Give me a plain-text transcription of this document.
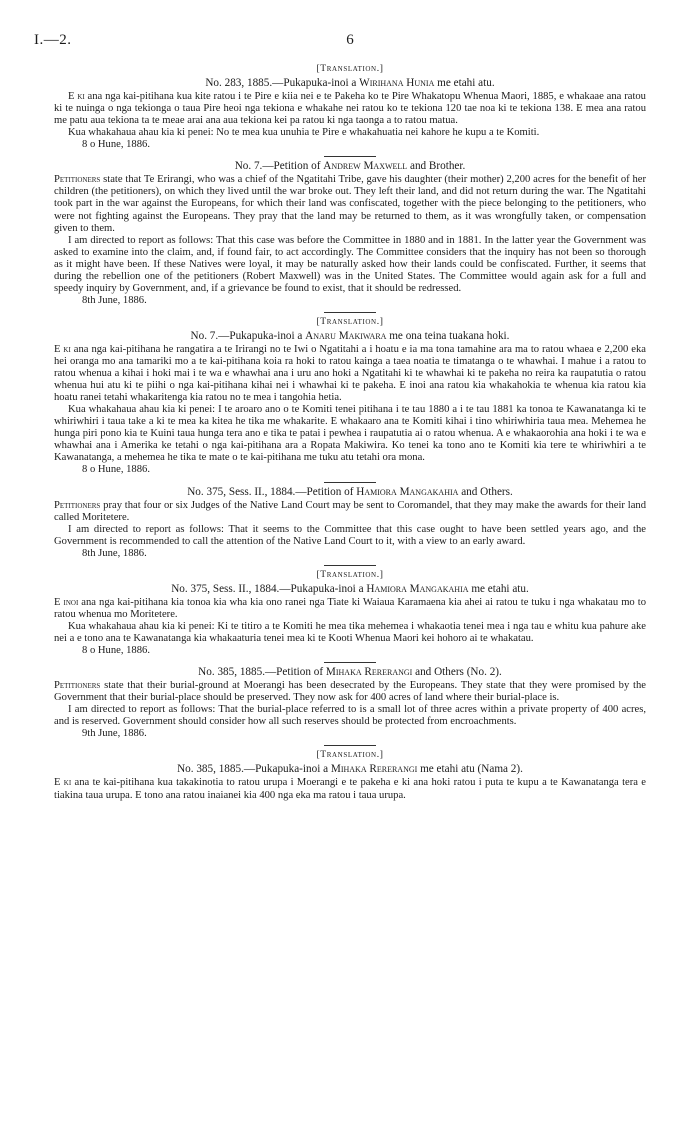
I.—2.	6
[Translation.]
No. 283, 1885.—Pukapuka-inoi a Wirihana Hunia me etahi atu.

E ki ana nga kai-pitihana kua kite ratou i te Pire e kiia nei e te Pakeha ko te Pire Whakatopu Whenua Maori, 1885, e whakaae ana ratou ki te nuinga o nga tekionga o taua Pire heoi nga tekiona e whakahe nei ratou ko te tekiona 120 tae noa ki te tekiona 138. E mea ana ratou me patu aua tekiona ta te meae arai ana aua tekiona kei pa ratou ki nga taonga a to ratou matua.

Kua whakahaua ahau kia ki penei: No te mea kua unuhia te Pire e whakahuatia nei kahore he kupu a te Komiti.

8 o Hune, 1886.

No. 7.—Petition of Andrew Maxwell and Brother.

Petitioners state that Te Erirangi, who was a chief of the Ngatitahi Tribe, gave his daughter (their mother) 2,200 acres for the benefit of her children (the petitioners), on which they lived until the war broke out. They left their land, and did not return during the war. The Ngatitahi took part in the war against the Europeans, for which their land was confiscated, together with the piece belonging to the petitioners, who were not fighting against the Europeans. They pray that the land may be returned to them, as it was wrongfully taken, or compensation given to them.

I am directed to report as follows: That this case was before the Committee in 1880 and in 1881. In the latter year the Government was asked to examine into the claim, and, if found fair, to act accordingly. The Committee considers that the inquiry has not been so thorough as it might have been. If these Natives were loyal, it may be naturally asked how their lands could be confiscated. Further, it seems that during the rebellion one of the petitioners (Robert Maxwell) was in the United States. The Committee would again ask for a full and speedy inquiry by Government, and, if a grievance be found to exist, that it should be redressed.

8th June, 1886.

[Translation.]
No. 7.—Pukapuka-inoi a Anaru Makiwara me ona teina tuakana hoki.

E ki ana nga kai-pitihana he rangatira a te Irirangi no te Iwi o Ngatitahi a i hoatu e ia ma tona tamahine ara ma to ratou whaea e 2,200 eka hei oranga mo ana tamariki mo a te kai-pitihana koia ra hoki to ratou kainga a taea noatia te timatanga o te whawhai. I mahue i a ratou to ratou whenua a kihai i hoki mai i te wa e whawhai ana i uru ano hoki a Ngatitahi ki te whawhai ki te pakeha no reira ka raupatutia o ratou whenua hui atu ki te piihi o nga kai-pitihana kihai nei i whawhai ki te pakeha. E inoi ana ratou kia whakahokia te whenua kia ratou kia hoatu ranei tetahi whakaritenga kia ratou no te mea i tangohia hetia.

Kua whakahaua ahau kia ki penei: I te aroaro ano o te Komiti tenei pitihana i te tau 1880 a i te tau 1881 ka tonoa te Kawanatanga ki te whiriwhiri i taua take a ki te mea ka kitea he tika me whakarite. E whakaaro ana te Komiti kihai i tino whiriwhiria taua mea. Mehemea he hunga piri pono kia te Kuini taua hunga tera ano e tika te patai i pewhea i raupatutia ai o ratou whenua. A e whakaorohia ana hoki i te wa e whawhai ana i Amerika ke tetahi o nga kai-pitihana ara a Ropata Makiwira. Ko tenei ka tono ano te Komiti kia tere te whiriwhiri a te Kawanatanga, a mehemea he tika te mate o te kai-pitihana me tuku atu tetahi ora mona.

8 o Hune, 1886.

No. 375, Sess. II., 1884.—Petition of Hamiora Mangakahia and Others.

Petitioners pray that four or six Judges of the Native Land Court may be sent to Coromandel, that they may make the awards for their land called Moritetere.

I am directed to report as follows: That it seems to the Committee that this case ought to have been settled years ago, and the Government is recommended to call the attention of the Native Land Court to it, with a view to an early award.

8th June, 1886.

[Translation.]
No. 375, Sess. II., 1884.—Pukapuka-inoi a Hamiora Mangakahia me etahi atu.

E inoi ana nga kai-pitihana kia tonoa kia wha kia ono ranei nga Tiate ki Waiaua Karamaena kia ahei ai ratou te tuku i nga whakatau mo to ratou whenua mo Moritetere.

Kua whakahaua ahau kia ki penei: Ki te titiro a te Komiti he mea tika mehemea i whakaotia tenei mea i nga tau e whitu kua pahure ake nei a e tono ana te Kawanatanga kia whakaaturia tenei mea ki te Kooti Whenua Maori kei hohoro ai te whakatau.

8 o Hune, 1886.

No. 385, 1885.—Petition of Mihaka Rererangi and Others (No. 2).

Petitioners state that their burial-ground at Moerangi has been desecrated by the Europeans. They state that they were promised by the Government that their burial-place should be preserved. They now ask for 400 acres of land where their burial-place is.

I am directed to report as follows: That the burial-place referred to is a small lot of three acres within a private property of 400 acres, and is reserved. Government should consider how all such reserves should be protected from encroachments.

9th June, 1886.

[Translation.]
No. 385, 1885.—Pukapuka-inoi a Mihaka Rererangi me etahi atu (Nama 2).

E ki ana te kai-pitihana kua takakinotia to ratou urupa i Moerangi e te pakeha e ki ana hoki ratou i puta te kupu a te Kawanatanga tera e tiakina taua urupa. E tono ana ratou inaianei kia 400 nga eka ma ratou i taua urupa.
